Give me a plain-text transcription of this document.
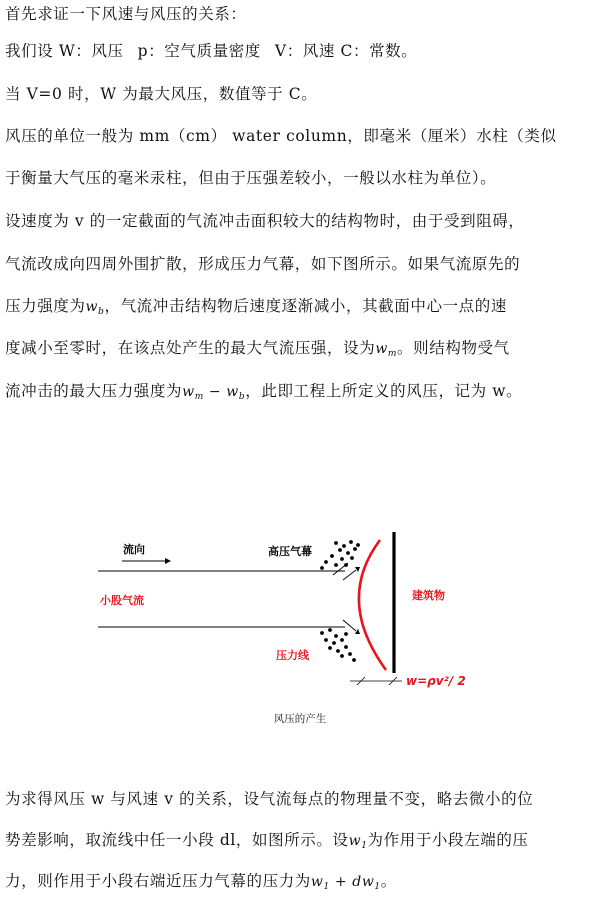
首先求证一下风速与风压的关系：
我们设 W：风压 p：空气质量密度 V：风速 C：常数。
当 V=0 时，W 为最大风压，数值等于 C。
风压的单位一般为 mm（cm） water column，即毫米（厘米）水柱（类似
于衡量大气压的毫米汞柱，但由于压强差较小，一般以水柱为单位）。
设速度为 v 的一定截面的气流冲击面积较大的结构物时，由于受到阻碍，
气流改成向四周外围扩散，形成压力气幕，如下图所示。如果气流原先的
压力强度为$w_b$，气流冲击结构物后速度逐渐减小，其截面中心一点的速
度减小至零时，在该点处产生的最大气流压强，设为$w_m$。则结构物受气
流冲击的最大压力强度为$w_m - w_b$，此即工程上所定义的风压，记为 w。
流向	高压气幕
小股气流	建筑物
压力线
w=ρv²/ 2
风压的产生
为求得风压 w 与风速 v 的关系，设气流每点的物理量不变，略去微小的位
势差影响，取流线中任一小段 dl，如图所示。设$w_1$为作用于小段左端的压
力，则作用于小段右端近压力气幕的压力为$w_1 + dw_1$。
